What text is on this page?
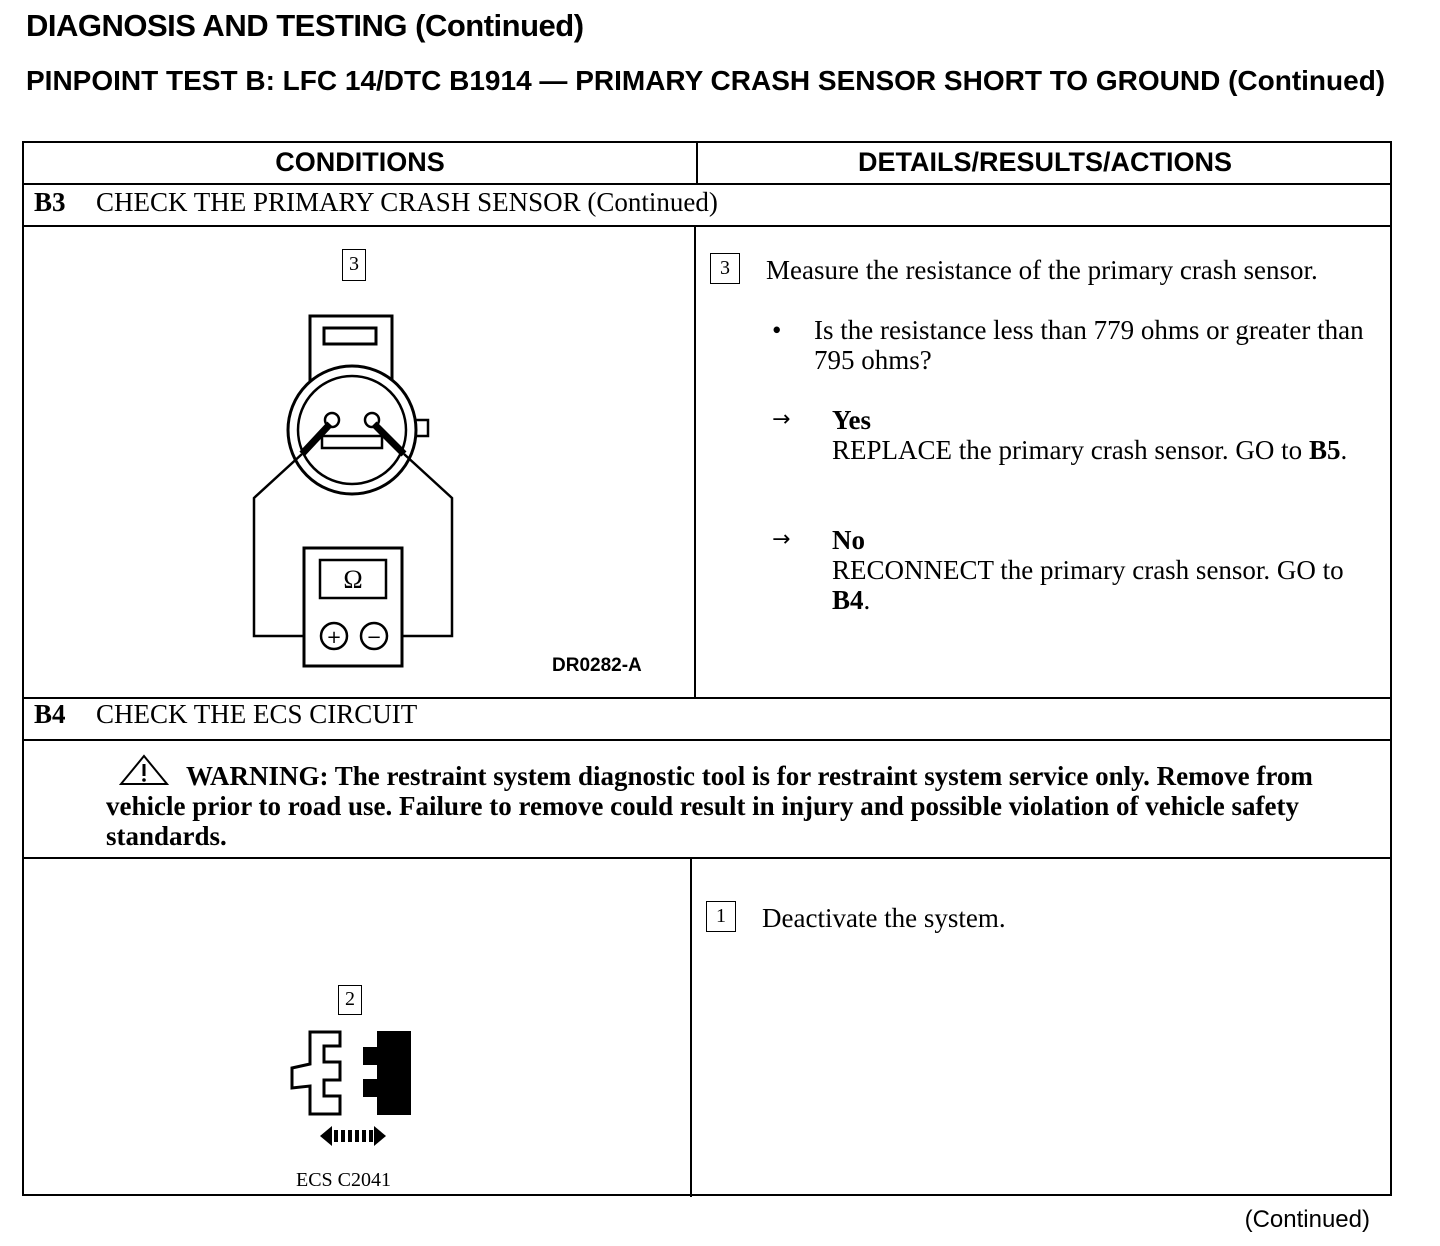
DIAGNOSIS AND TESTING (Continued)
PINPOINT TEST B: LFC 14/DTC B1914 — PRIMARY CRASH SENSOR SHORT TO GROUND (Continued)
CONDITIONS	DETAILS/RESULTS/ACTIONS
B3 CHECK THE PRIMARY CRASH SENSOR (Continued)
3
Ω
+ −
DR0282-A
3	Measure the resistance of the primary crash sensor.
• Is the resistance less than 779 ohms or greater than 795 ohms?
→ Yes
REPLACE the primary crash sensor. GO to B5.
→ No
RECONNECT the primary crash sensor. GO to B4.
B4 CHECK THE ECS CIRCUIT
WARNING: The restraint system diagnostic tool is for restraint system service only. Remove from vehicle prior to road use. Failure to remove could result in injury and possible violation of vehicle safety standards.
2
ECS C2041
1	Deactivate the system.
(Continued)
